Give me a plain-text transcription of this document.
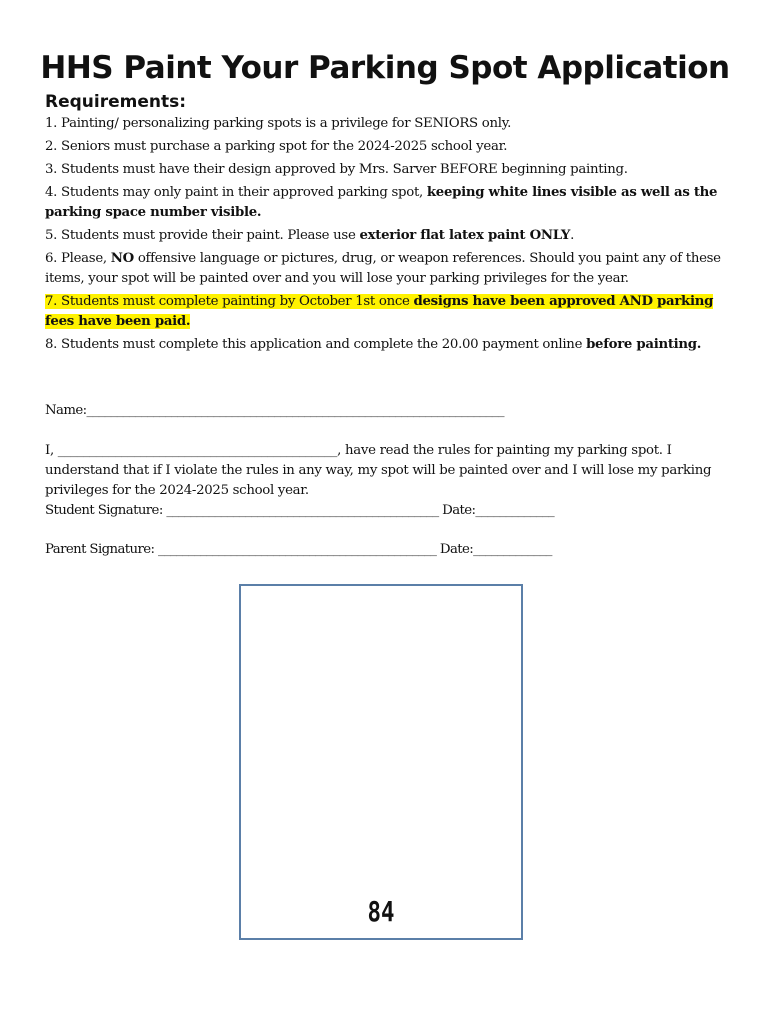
HHS Paint Your Parking Spot Application
Requirements:

1. Painting/ personalizing parking spots is a privilege for SENIORS only.

2. Seniors must purchase a parking spot for the 2024-2025 school year.

3. Students must have their design approved by Mrs. Sarver BEFORE beginning painting.

4. Students may only paint in their approved parking spot, keeping white lines visible as well as the parking space number visible.

5. Students must provide their paint. Please use exterior flat latex paint ONLY.

6. Please, NO offensive language or pictures, drug, or weapon references. Should you paint any of these items, your spot will be painted over and you will lose your parking privileges for the year.

7. Students must complete painting by October 1st once designs have been approved AND parking fees have been paid.

8. Students must complete this application and complete the 20.00 payment online before painting.

Name:_____________________________________________________________________

I, ____________________________________________, have read the rules for painting my parking spot. I understand that if I violate the rules in any way, my spot will be painted over and I will lose my parking privileges for the 2024-2025 school year.

Student Signature: _____________________________________________ Date:_____________

Parent Signature: ______________________________________________ Date:_____________

84
